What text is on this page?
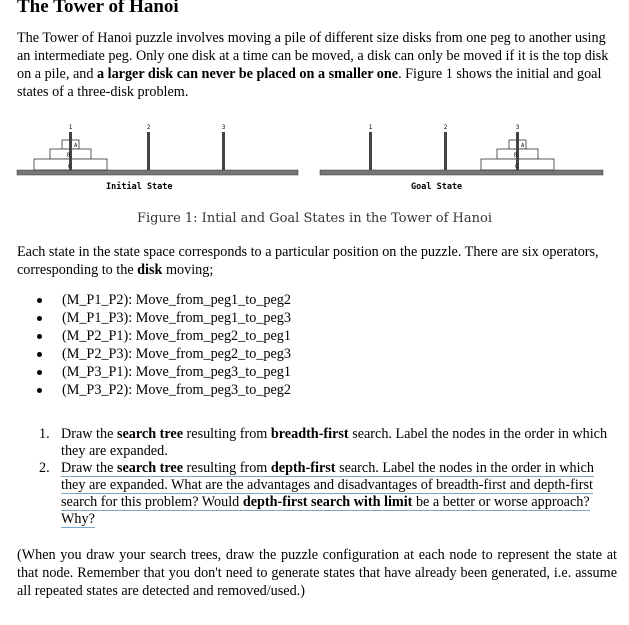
The Tower of Hanoi

The Tower of Hanoi puzzle involves moving a pile of different size disks from one peg to another using an intermediate peg. Only one disk at a time can be moved, a disk can only be moved if it is the top disk on a pile, and a larger disk can never be placed on a smaller one. Figure 1 shows the initial and goal states of a three-disk problem.

1	2	3
A
B
C
Initial State
1	2	3
A
B
C
Goal State
Figure 1: Intial and Goal States in the Tower of Hanoi

Each state in the state space corresponds to a particular position on the puzzle. There are six operators, corresponding to the disk moving;

(M_P1_P2): Move_from_peg1_to_peg2
(M_P1_P3): Move_from_peg1_to_peg3
(M_P2_P1): Move_from_peg2_to_peg1
(M_P2_P3): Move_from_peg2_to_peg3
(M_P3_P1): Move_from_peg3_to_peg1
(M_P3_P2): Move_from_peg3_to_peg2
1. Draw the search tree resulting from breadth-first search. Label the nodes in the order in which they are expanded.
2. Draw the search tree resulting from depth-first search. Label the nodes in the order in which they are expanded. What are the advantages and disadvantages of breadth-first and depth-first search for this problem? Would depth-first search with limit be a better or worse approach? Why?

(When you draw your search trees, draw the puzzle configuration at each node to represent the state at that node. Remember that you don't need to generate states that have already been generated, i.e. assume all repeated states are detected and removed/used.)
